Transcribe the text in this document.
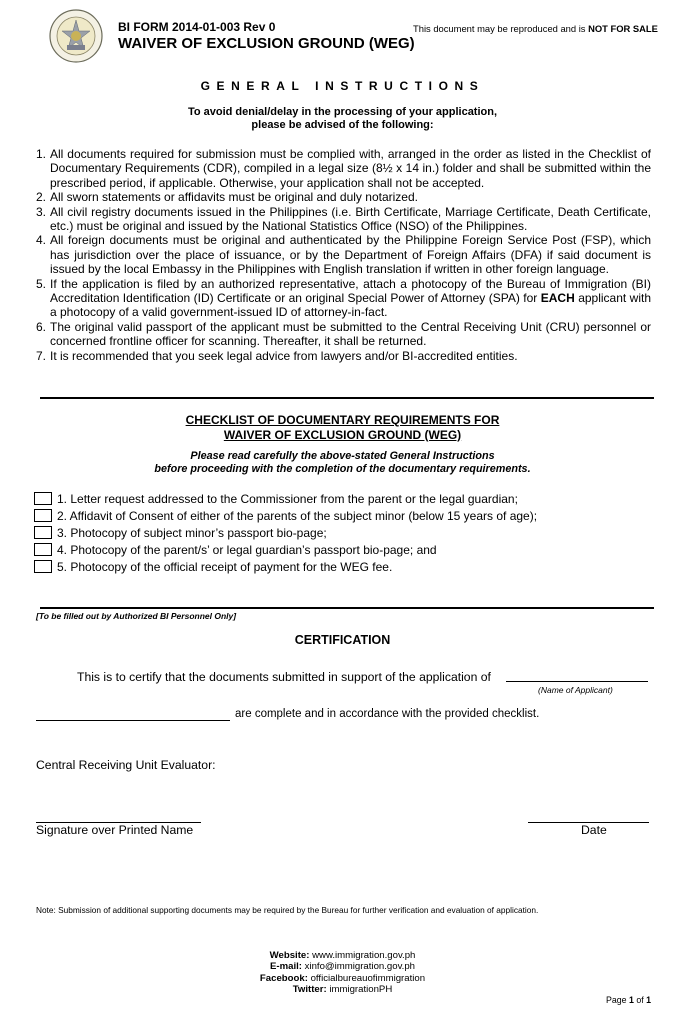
BI FORM 2014-01-003 Rev 0
WAIVER OF EXCLUSION GROUND (WEG)
This document may be reproduced and is NOT FOR SALE
GENERAL INSTRUCTIONS
To avoid denial/delay in the processing of your application,
please be advised of the following:
1. All documents required for submission must be complied with, arranged in the order as listed in the Checklist of Documentary Requirements (CDR), compiled in a legal size (8½ x 14 in.) folder and shall be submitted within the prescribed period, if applicable. Otherwise, your application shall not be accepted.
2. All sworn statements or affidavits must be original and duly notarized.
3. All civil registry documents issued in the Philippines (i.e. Birth Certificate, Marriage Certificate, Death Certificate, etc.) must be original and issued by the National Statistics Office (NSO) of the Philippines.
4. All foreign documents must be original and authenticated by the Philippine Foreign Service Post (FSP), which has jurisdiction over the place of issuance, or by the Department of Foreign Affairs (DFA) if said document is issued by the local Embassy in the Philippines with English translation if written in other foreign language.
5. If the application is filed by an authorized representative, attach a photocopy of the Bureau of Immigration (BI) Accreditation Identification (ID) Certificate or an original Special Power of Attorney (SPA) for EACH applicant with a photocopy of a valid government-issued ID of attorney-in-fact.
6. The original valid passport of the applicant must be submitted to the Central Receiving Unit (CRU) personnel or concerned frontline officer for scanning. Thereafter, it shall be returned.
7. It is recommended that you seek legal advice from lawyers and/or BI-accredited entities.
CHECKLIST OF DOCUMENTARY REQUIREMENTS FOR
WAIVER OF EXCLUSION GROUND (WEG)
Please read carefully the above-stated General Instructions
before proceeding with the completion of the documentary requirements.
1. Letter request addressed to the Commissioner from the parent or the legal guardian;
2. Affidavit of Consent of either of the parents of the subject minor (below 15 years of age);
3. Photocopy of subject minor’s passport bio-page;
4. Photocopy of the parent/s’ or legal guardian’s passport bio-page; and
5. Photocopy of the official receipt of payment for the WEG fee.
[To be filled out by Authorized BI Personnel Only]
CERTIFICATION
This is to certify that the documents submitted in support of the application of
(Name of Applicant)
are complete and in accordance with the provided checklist.
Central Receiving Unit Evaluator:
Signature over Printed Name	Date
Note: Submission of additional supporting documents may be required by the Bureau for further verification and evaluation of application.
Website: www.immigration.gov.ph
E-mail: xinfo@immigration.gov.ph
Facebook: officialbureauofimmigration
Twitter: immigrationPH
Page 1 of 1
